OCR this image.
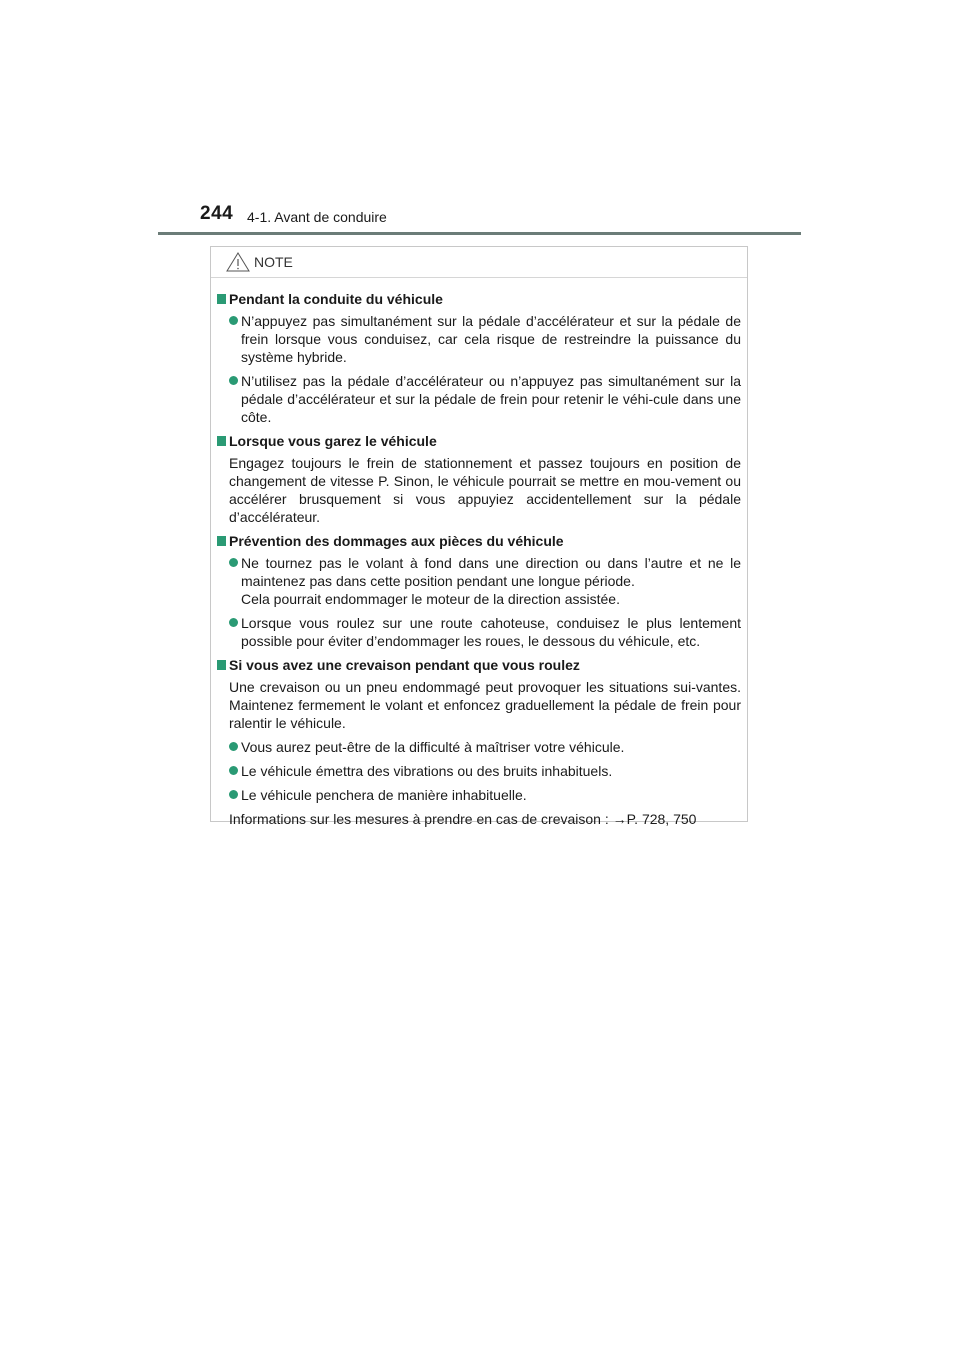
244 4-1. Avant de conduire
NOTE
Pendant la conduite du véhicule
N’appuyez pas simultanément sur la pédale d’accélérateur et sur la pédale de frein lorsque vous conduisez, car cela risque de restreindre la puissance du système hybride.
N’utilisez pas la pédale d’accélérateur ou n’appuyez pas simultanément sur la pédale d’accélérateur et sur la pédale de frein pour retenir le véhi-cule dans une côte.
Lorsque vous garez le véhicule
Engagez toujours le frein de stationnement et passez toujours en position de changement de vitesse P. Sinon, le véhicule pourrait se mettre en mou-vement ou accélérer brusquement si vous appuyiez accidentellement sur la pédale d’accélérateur.
Prévention des dommages aux pièces du véhicule
Ne tournez pas le volant à fond dans une direction ou dans l’autre et ne le maintenez pas dans cette position pendant une longue période.
Cela pourrait endommager le moteur de la direction assistée.
Lorsque vous roulez sur une route cahoteuse, conduisez le plus lentement possible pour éviter d’endommager les roues, le dessous du véhicule, etc.
Si vous avez une crevaison pendant que vous roulez
Une crevaison ou un pneu endommagé peut provoquer les situations sui-vantes. Maintenez fermement le volant et enfoncez graduellement la pédale de frein pour ralentir le véhicule.
Vous aurez peut-être de la difficulté à maîtriser votre véhicule.
Le véhicule émettra des vibrations ou des bruits inhabituels.
Le véhicule penchera de manière inhabituelle.
Informations sur les mesures à prendre en cas de crevaison : →P. 728, 750
